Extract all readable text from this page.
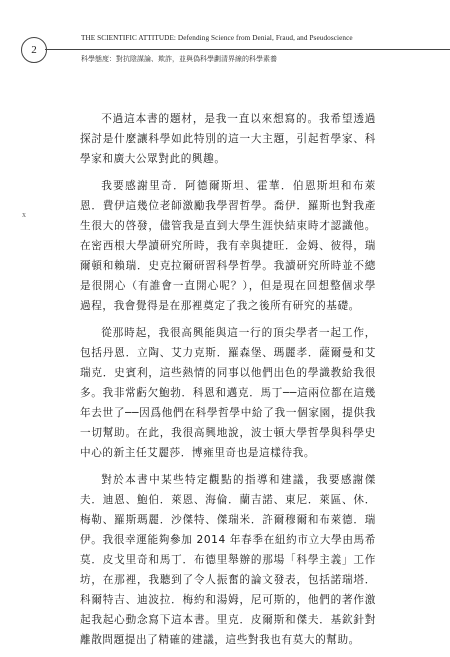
2
THE SCIENTIFIC ATTITUDE: Defending Science from Denial, Fraud, and Pseudoscience
科學態度：對抗陰謀論、欺詐，並與偽科學劃清界線的科學素養
x

不過這本書的題材，是我一直以來想寫的。我希望透過探討是什麼讓科學如此特別的這一大主題，引起哲學家、科學家和廣大公眾對此的興趣。

我要感謝里奇．阿德爾斯坦、霍華．伯恩斯坦和布萊恩．費伊這幾位老師激勵我學習哲學。喬伊．羅斯也對我產生很大的啓發，儘管我是直到大學生涯快結束時才認識他。在密西根大學讀研究所時，我有幸與捷旺．金姆、彼得，瑞爾頓和賴瑞．史克拉爾研習科學哲學。我讀研究所時並不總是很開心（有誰會一直開心呢？），但是現在回想整個求學過程，我會覺得是在那裡奠定了我之後所有研究的基礎。

從那時起，我很高興能與這一行的頂尖學者一起工作，包括丹恩．立陶、艾力克斯．羅森堡、瑪麗孝．薩爾曼和艾瑞克．史賓利，這些熱情的同事以他們出色的學識教給我很多。我非常虧欠鮑勃．科恩和邁克．馬丁──這兩位都在這幾年去世了──因爲他們在科學哲學中給了我一個家園，提供我一切幫助。在此，我很高興地說，波士頓大學哲學與科學史中心的新主任艾麗莎．博雍里奇也是這樣待我。

對於本書中某些特定觀點的指導和建議，我要感謝傑夫．迪恩、鮑伯．萊恩、海倫．蘭吉諾、東尼．萊區、休．梅勒、羅斯瑪麗．沙傑特、傑瑞米．許爾穆爾和布萊德．瑞伊。我很幸運能夠參加 2014 年春季在紐約市立大學由馬希莫．皮戈里奇和馬丁．布德里舉辦的那場「科學主義」工作坊，在那裡，我聽到了令人振奮的論文發表，包括諾瑞塔．科爾特吉、迪波拉．梅約和湯姆，尼可斯的，他們的著作激起我起心動念寫下這本書。里克．皮爾斯和傑夫．基欽針對離散問題提出了精確的建議，這些對我也有莫大的幫助。
